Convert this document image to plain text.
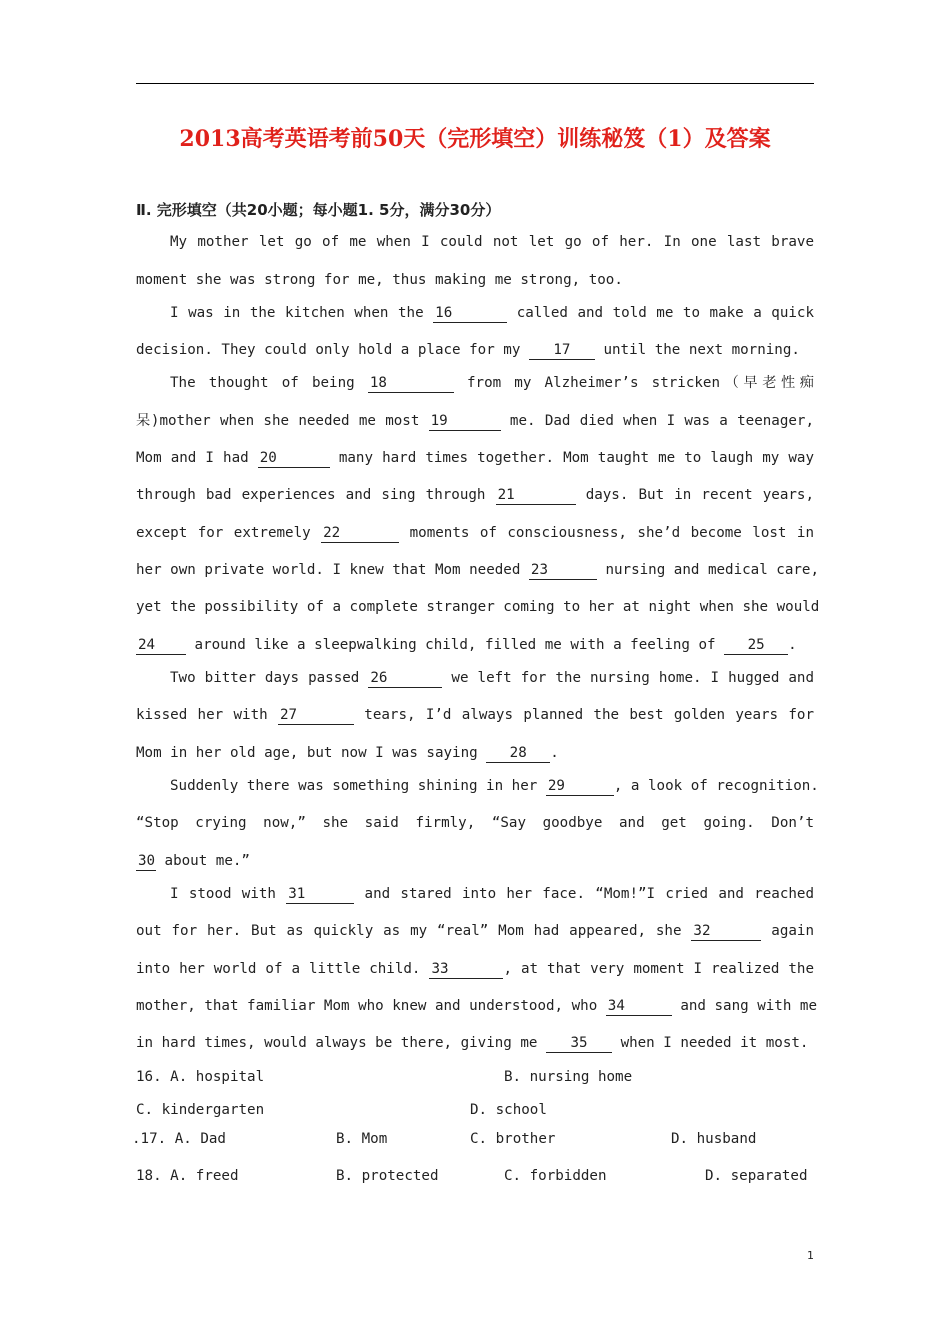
2013高考英语考前50天（完形填空）训练秘笈（1）及答案
Ⅱ. 完形填空（共20小题；每小题1. 5分，满分30分）
My mother let go of me when I could not let go of her. In one last brave
moment she was strong for me, thus making me strong, too.
I was in the kitchen when the 16	called and told me to make a quick
decision. They could only hold a place for my 17 until the next morning.
The thought of being 18	from my Alzheimer’s stricken（早老性痴
呆)mother when she needed me most 19	me. Dad died when I was a teenager,
Mom and I had 20	many hard times together. Mom taught me to laugh my way
through bad experiences and sing through 21	days. But in recent years,
except for extremely 22	moments of consciousness, she’d become lost in
her own private world. I knew that Mom needed 23	nursing and medical care,
yet the possibility of a complete stranger coming to her at night when she would
24	around like a sleepwalking child, filled me with a feeling of 25 .
Two bitter days passed 26	we left for the nursing home. I hugged and
kissed her with 27	tears, I’d always planned the best golden years for
Mom in her old age, but now I was saying 28 .
Suddenly there was something shining in her 29	, a look of recognition.
“Stop crying now,” she said firmly, “Say goodbye and get going. Don’t
30 about me.”
I stood with 31	and stared into her face. “Mom!”I cried and reached
out for her. But as quickly as my “real” Mom had appeared, she 32	again
into her world of a little child. 33	, at that very moment I realized the
mother, that familiar Mom who knew and understood, who 34	and sang with me
in hard times, would always be there, giving me 35 when I needed it most.
16. A. hospital	B. nursing home
C. kindergarten	D. school
.17. A. Dad	B. Mom	C. brother	D. husband
18. A. freed	B. protected	C. forbidden	D. separated
1
